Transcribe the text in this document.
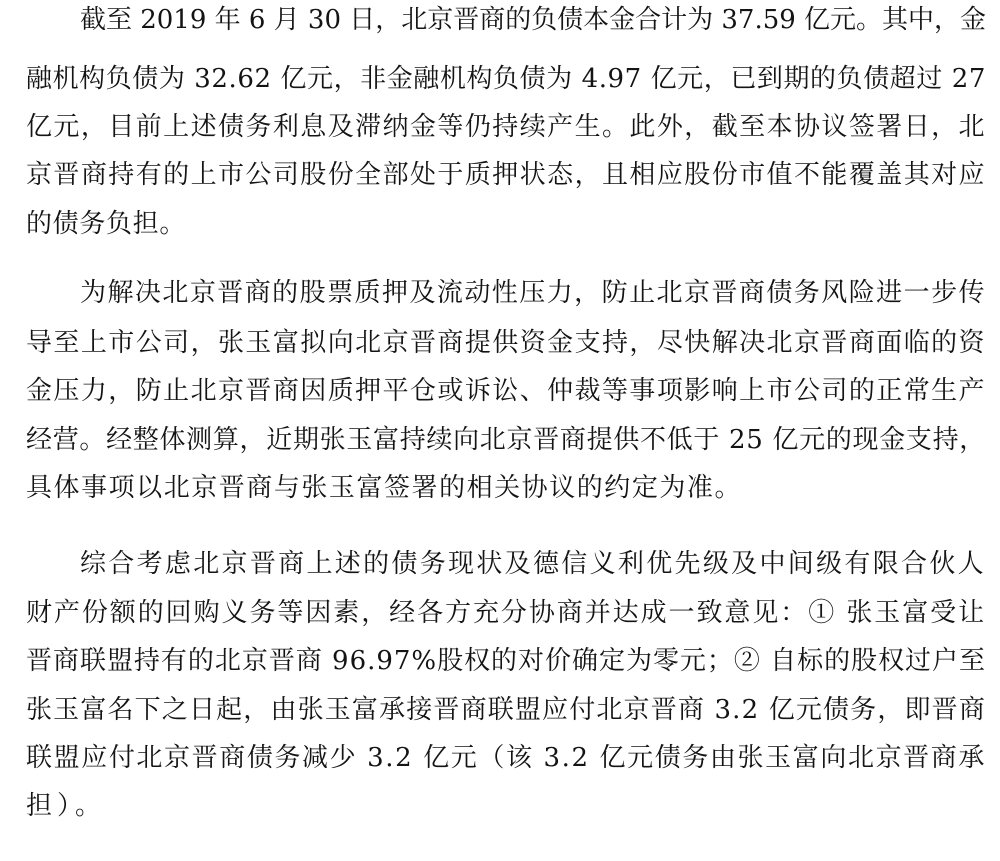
截至 2019 年 6 月 30 日，北京晋商的负债本金合计为 37.59 亿元。其中，金
融机构负债为 32.62 亿元，非金融机构负债为 4.97 亿元，已到期的负债超过 27
亿元，目前上述债务利息及滞纳金等仍持续产生。此外，截至本协议签署日，北
京晋商持有的上市公司股份全部处于质押状态，且相应股份市值不能覆盖其对应
的债务负担。
为解决北京晋商的股票质押及流动性压力，防止北京晋商债务风险进一步传
导至上市公司，张玉富拟向北京晋商提供资金支持，尽快解决北京晋商面临的资
金压力，防止北京晋商因质押平仓或诉讼、仲裁等事项影响上市公司的正常生产
经营。经整体测算，近期张玉富持续向北京晋商提供不低于 25 亿元的现金支持，
具体事项以北京晋商与张玉富签署的相关协议的约定为准。
综合考虑北京晋商上述的债务现状及德信义利优先级及中间级有限合伙人
财产份额的回购义务等因素，经各方充分协商并达成一致意见：① 张玉富受让
晋商联盟持有的北京晋商 96.97%股权的对价确定为零元；② 自标的股权过户至
张玉富名下之日起，由张玉富承接晋商联盟应付北京晋商 3.2 亿元债务，即晋商
联盟应付北京晋商债务减少 3.2 亿元（该 3.2 亿元债务由张玉富向北京晋商承
担）。
